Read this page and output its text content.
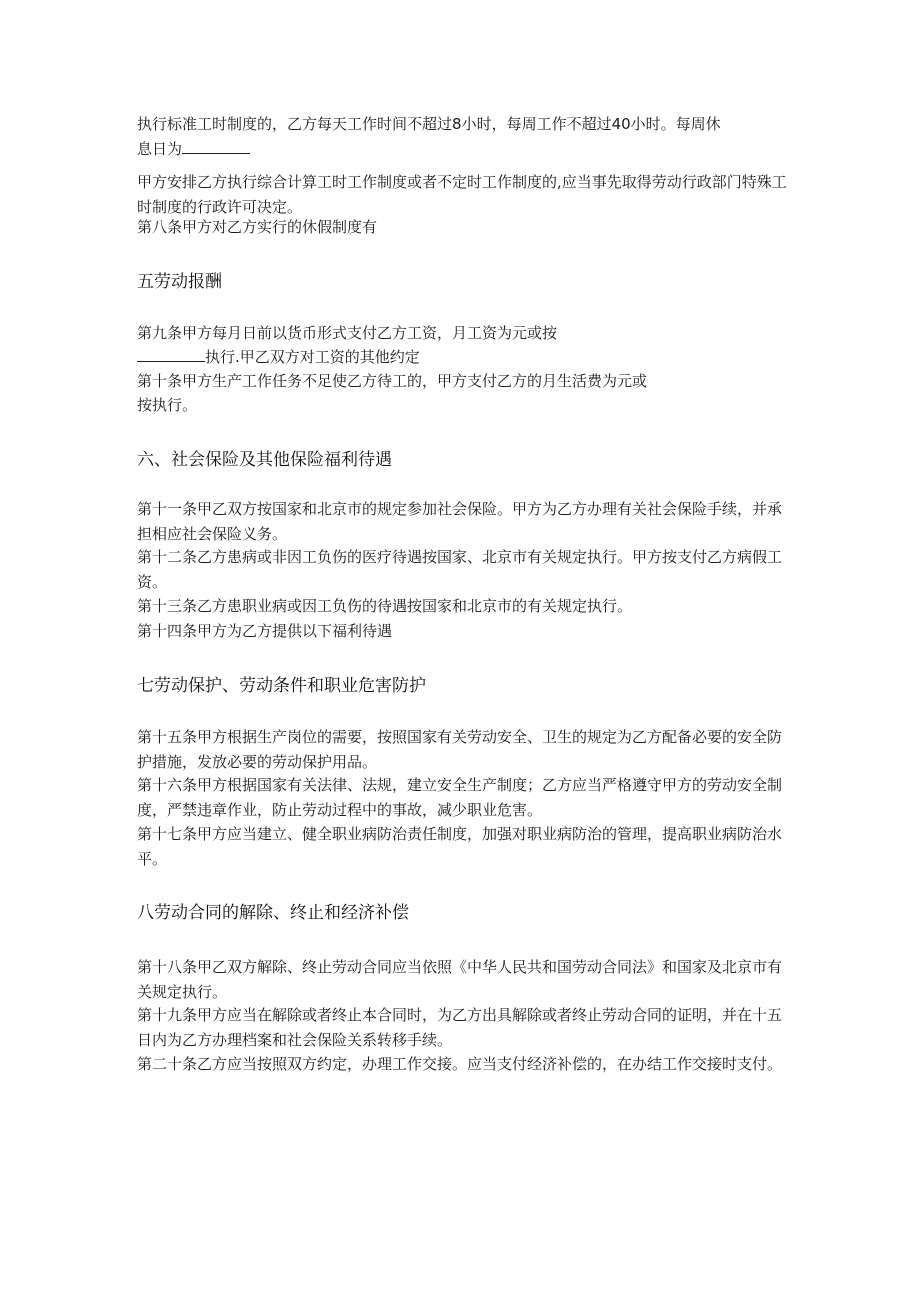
执行标准工时制度的，乙方每天工作时间不超过8小时，每周工作不超过40小时。每周休
息日为

甲方安排乙方执行综合计算工时工作制度或者不定时工作制度的,应当事先取得劳动行政部门特殊工时制度的行政许可决定。

第八条甲方对乙方实行的休假制度有

五劳动报酬

第九条甲方每月日前以货币形式支付乙方工资，月工资为元或按

执行.甲乙双方对工资的其他约定

第十条甲方生产工作任务不足使乙方待工的，甲方支付乙方的月生活费为元或

按执行。

六、社会保险及其他保险福利待遇

第十一条甲乙双方按国家和北京市的规定参加社会保险。甲方为乙方办理有关社会保险手续，并承担相应社会保险义务。

第十二条乙方患病或非因工负伤的医疗待遇按国家、北京市有关规定执行。甲方按支付乙方病假工资。

第十三条乙方患职业病或因工负伤的待遇按国家和北京市的有关规定执行。

第十四条甲方为乙方提供以下福利待遇

七劳动保护、劳动条件和职业危害防护

第十五条甲方根据生产岗位的需要，按照国家有关劳动安全、卫生的规定为乙方配备必要的安全防护措施，发放必要的劳动保护用品。

第十六条甲方根据国家有关法律、法规，建立安全生产制度；乙方应当严格遵守甲方的劳动安全制度，严禁违章作业，防止劳动过程中的事故，减少职业危害。

第十七条甲方应当建立、健全职业病防治责任制度，加强对职业病防治的管理，提高职业病防治水平。

八劳动合同的解除、终止和经济补偿

第十八条甲乙双方解除、终止劳动合同应当依照《中华人民共和国劳动合同法》和国家及北京市有关规定执行。

第十九条甲方应当在解除或者终止本合同时，为乙方出具解除或者终止劳动合同的证明，并在十五日内为乙方办理档案和社会保险关系转移手续。

第二十条乙方应当按照双方约定，办理工作交接。应当支付经济补偿的，在办结工作交接时支付。
